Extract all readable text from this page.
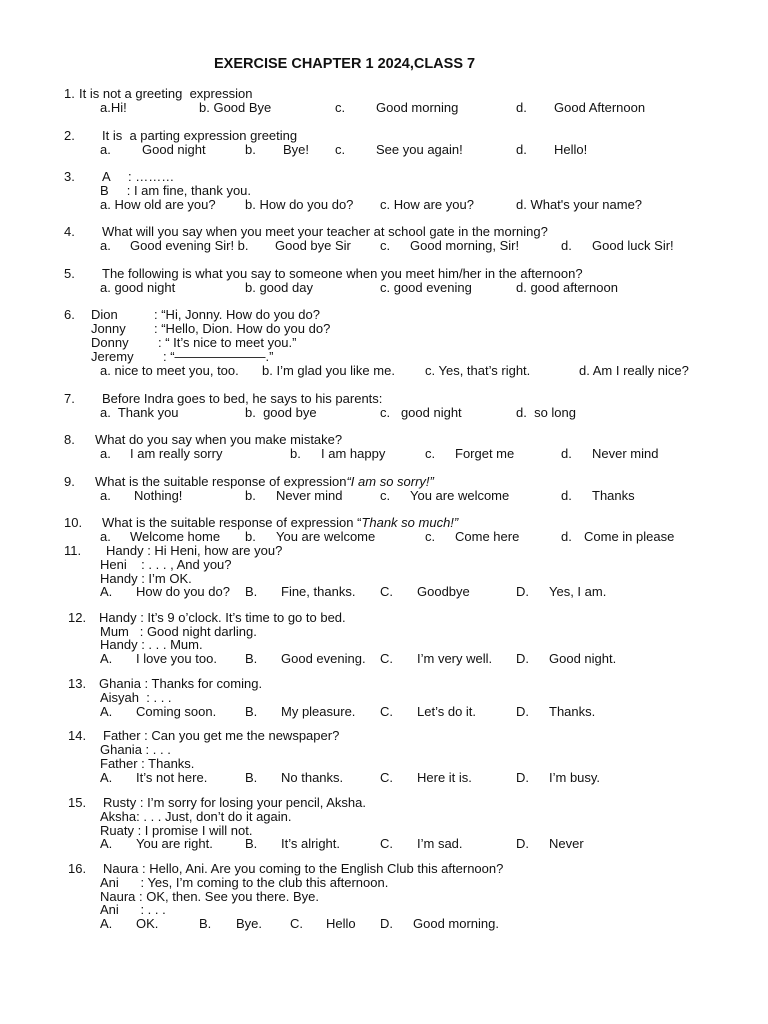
EXERCISE CHAPTER 1 2024,CLASS 7
1. It is not a greeting  expression
a.Hi!	b. Good Bye	c. Good morning	d. Good Afternoon
2. It is  a parting expression greeting
a. Good night	b. Bye! c. See you again!	d. Hello!
3. A     : ………
B     : I am fine, thank you.
a. How old are you? b. How do you do? c. How are you?	d. What's your name?
4. What will you say when you meet your teacher at school gate in the morning?
a. Good evening Sir! b. Good bye Sir c. Good morning, Sir!	d. Good luck Sir!
5. The following is what you say to someone when you meet him/her in the afternoon?
a. good night	b. good day	c. good evening	d. good afternoon
6. Dion	: “Hi, Jonny. How do you do?
Jonny : “Hello, Dion. How do you do?
Donny : “ It’s nice to meet you.”
Jeremy : “———————.”
a. nice to meet you, too. b. I’m glad you like me. c. Yes, that’s right.	d. Am I really nice?
7. Before Indra goes to bed, he says to his parents:
a.  Thank you	b.  good bye	c.   good night	d.  so long
8. What do you say when you make mistake?
a. I am really sorry	b. I am happy	c. Forget me	d. Never mind
9. What is the suitable response of expression“I am so sorry!”
a. Nothing!	b. Never mind	c. You are welcome	d. Thanks
10. What is the suitable response of expression “Thank so much!”
a. Welcome home b. You are welcome	c. Come here	d. Come in please
11. Handy : Hi Heni, how are you?
Heni    : . . . , And you?
Handy : I’m OK.
A. How do you do? B. Fine, thanks. C. Goodbye	D. Yes, I am.
12. Handy : It’s 9 o’clock. It’s time to go to bed.
Mum   : Good night darling.
Handy : . . . Mum.
A. I love you too. B. Good evening. C. I’m very well. D. Good night.
13. Ghania : Thanks for coming.
Aisyah  : . . .
A. Coming soon. B. My pleasure. C. Let’s do it.	D. Thanks.
14. Father : Can you get me the newspaper?
Ghania : . . .
Father : Thanks.
A. It’s not here.	B. No thanks.	C. Here it is.	D. I’m busy.
15. Rusty : I’m sorry for losing your pencil, Aksha.
Aksha: . . . Just, don’t do it again.
Ruaty : I promise I will not.
A. You are right. B. It’s alright.	C. I’m sad.	D. Never
16. Naura : Hello, Ani. Are you coming to the English Club this afternoon?
Ani      : Yes, I’m coming to the club this afternoon.
Naura : OK, then. See you there. Bye.
Ani      : . . .
A. OK.	B. Bye. C. Hello D. Good morning.
